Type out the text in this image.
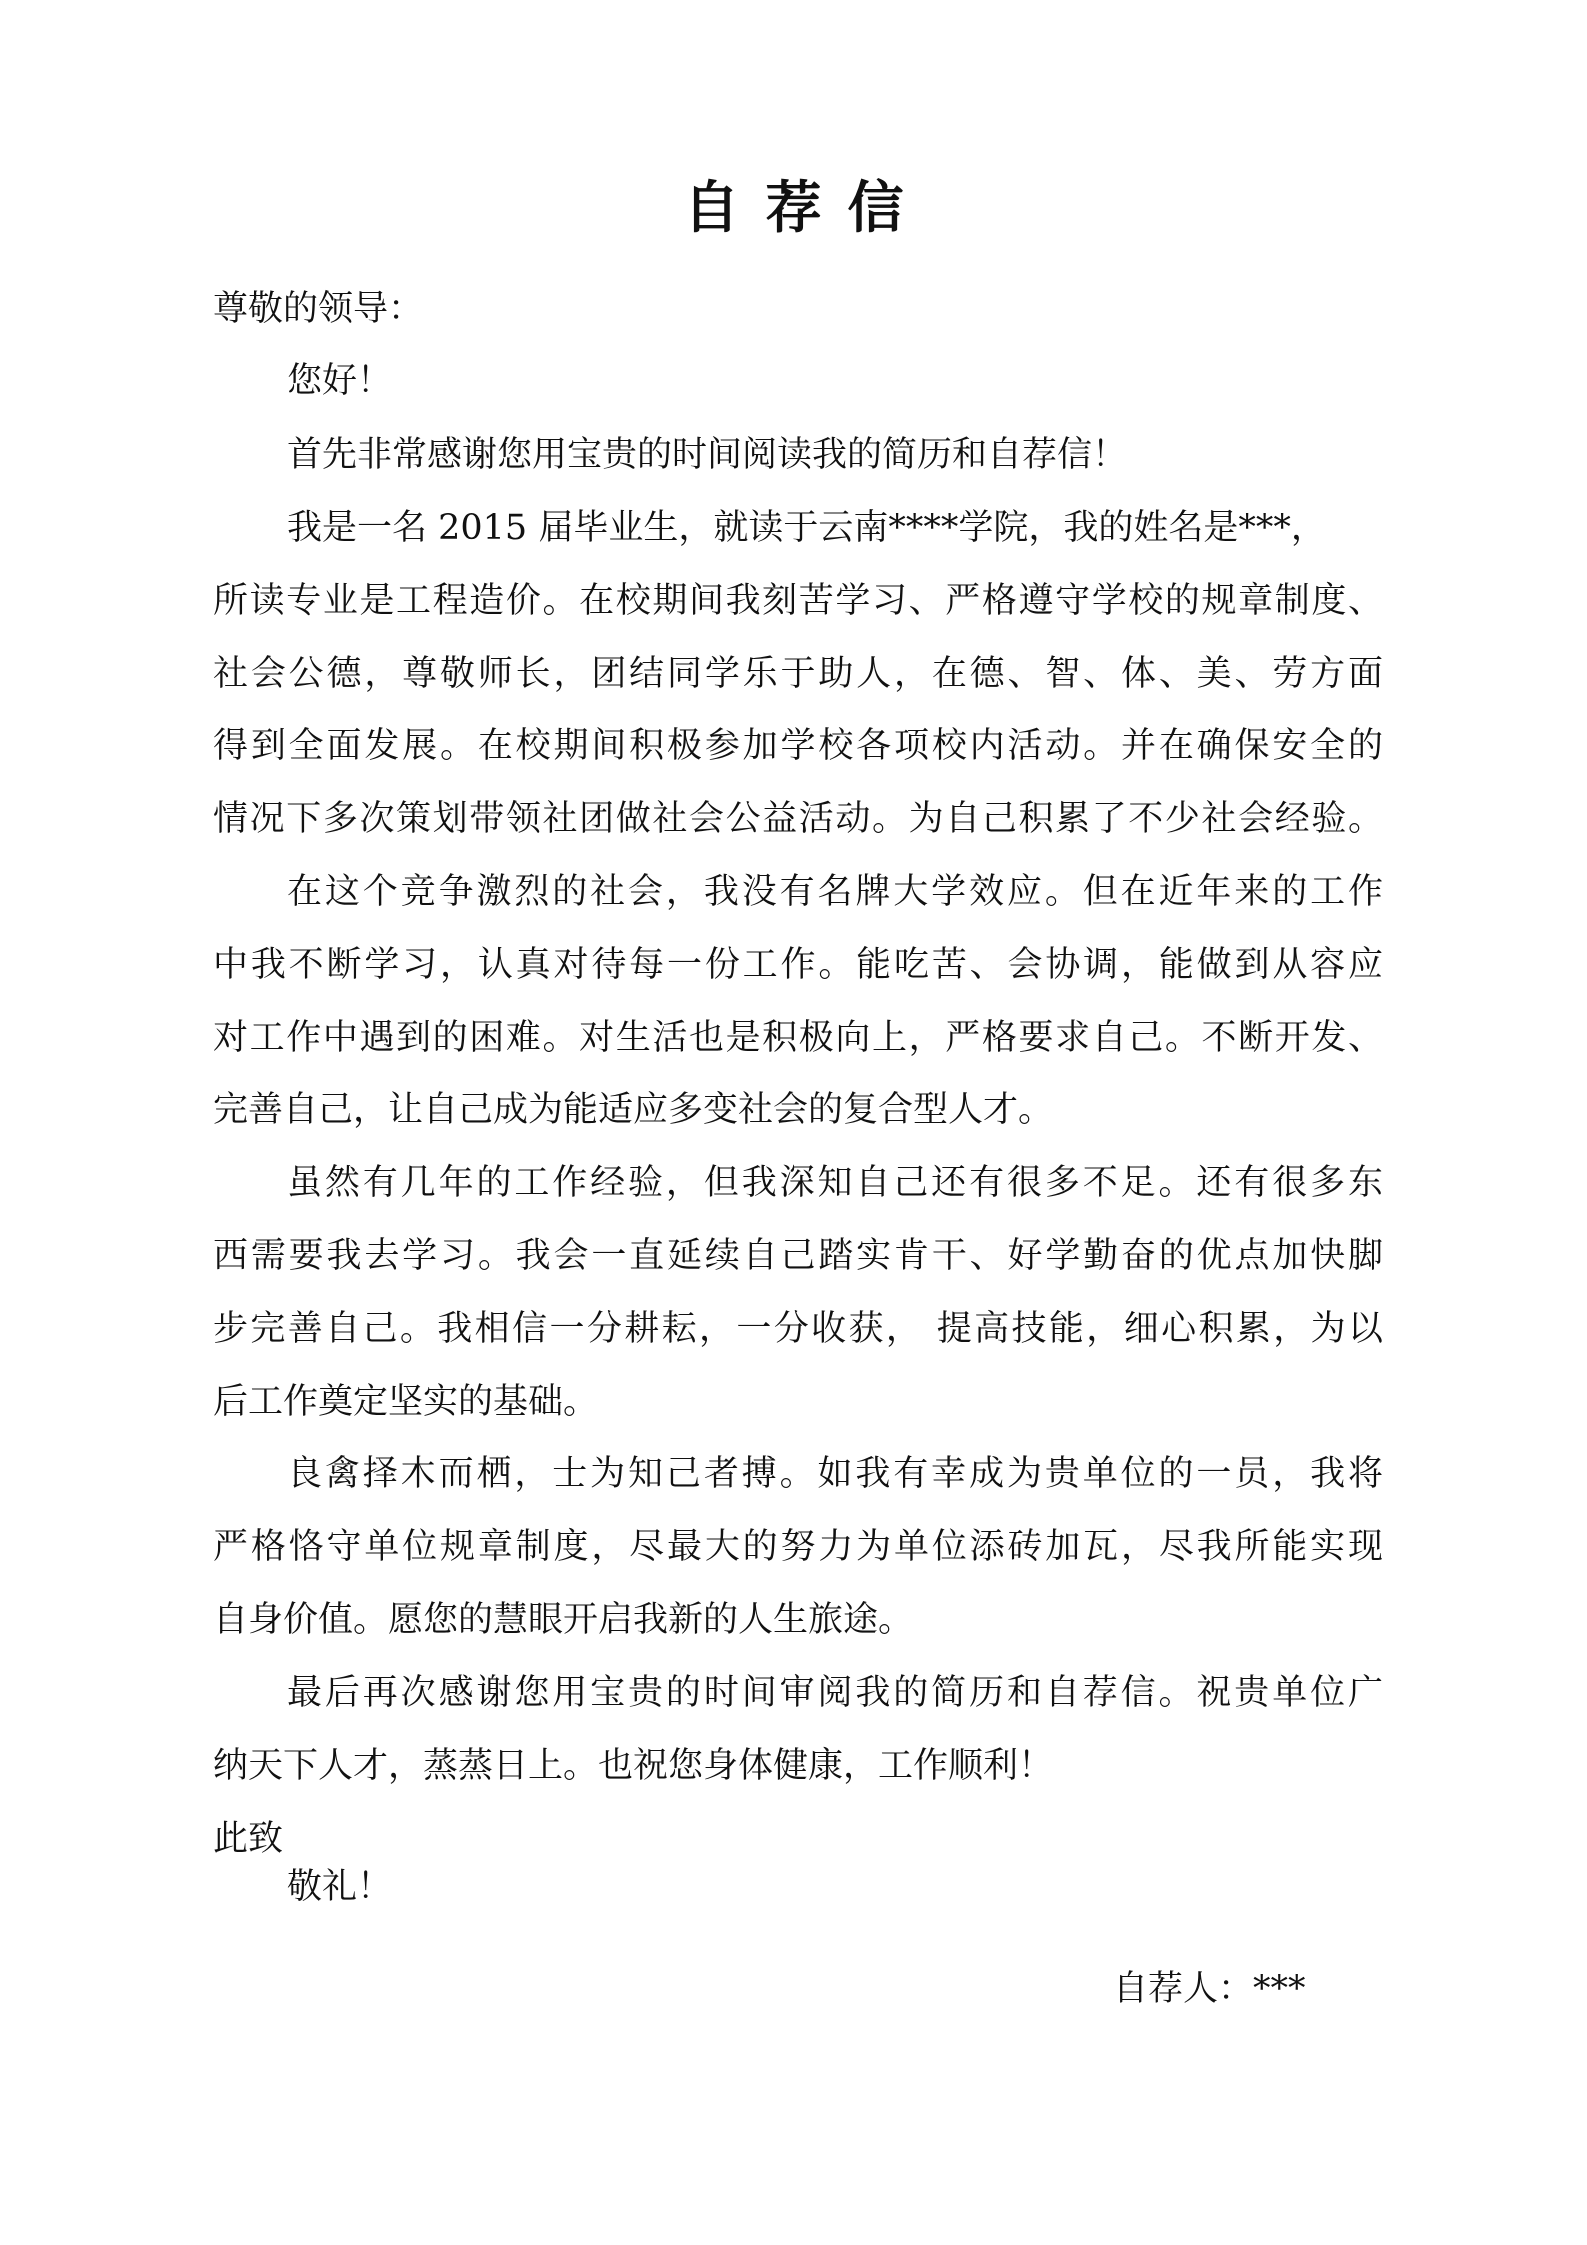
自荐信
尊敬的领导：
您好！
首先非常感谢您用宝贵的时间阅读我的简历和自荐信！
我是一名 2015 届毕业生，就读于云南****学院，我的姓名是***，
所读专业是工程造价。在校期间我刻苦学习、严格遵守学校的规章制度、
社会公德，尊敬师长，团结同学乐于助人，在德、智、体、美、劳方面
得到全面发展。在校期间积极参加学校各项校内活动。并在确保安全的
情况下多次策划带领社团做社会公益活动。为自己积累了不少社会经验。
在这个竞争激烈的社会，我没有名牌大学效应。但在近年来的工作
中我不断学习，认真对待每一份工作。能吃苦、会协调，能做到从容应
对工作中遇到的困难。对生活也是积极向上，严格要求自己。不断开发、
完善自己，让自己成为能适应多变社会的复合型人才。
虽然有几年的工作经验，但我深知自己还有很多不足。还有很多东
西需要我去学习。我会一直延续自己踏实肯干、好学勤奋的优点加快脚
步完善自己。我相信一分耕耘，一分收获， 提高技能，细心积累，为以
后工作奠定坚实的基础。
良禽择木而栖，士为知己者搏。如我有幸成为贵单位的一员，我将
严格恪守单位规章制度，尽最大的努力为单位添砖加瓦，尽我所能实现
自身价值。愿您的慧眼开启我新的人生旅途。
最后再次感谢您用宝贵的时间审阅我的简历和自荐信。祝贵单位广
纳天下人才，蒸蒸日上。也祝您身体健康，工作顺利！
此致
敬礼！
自荐人：***
